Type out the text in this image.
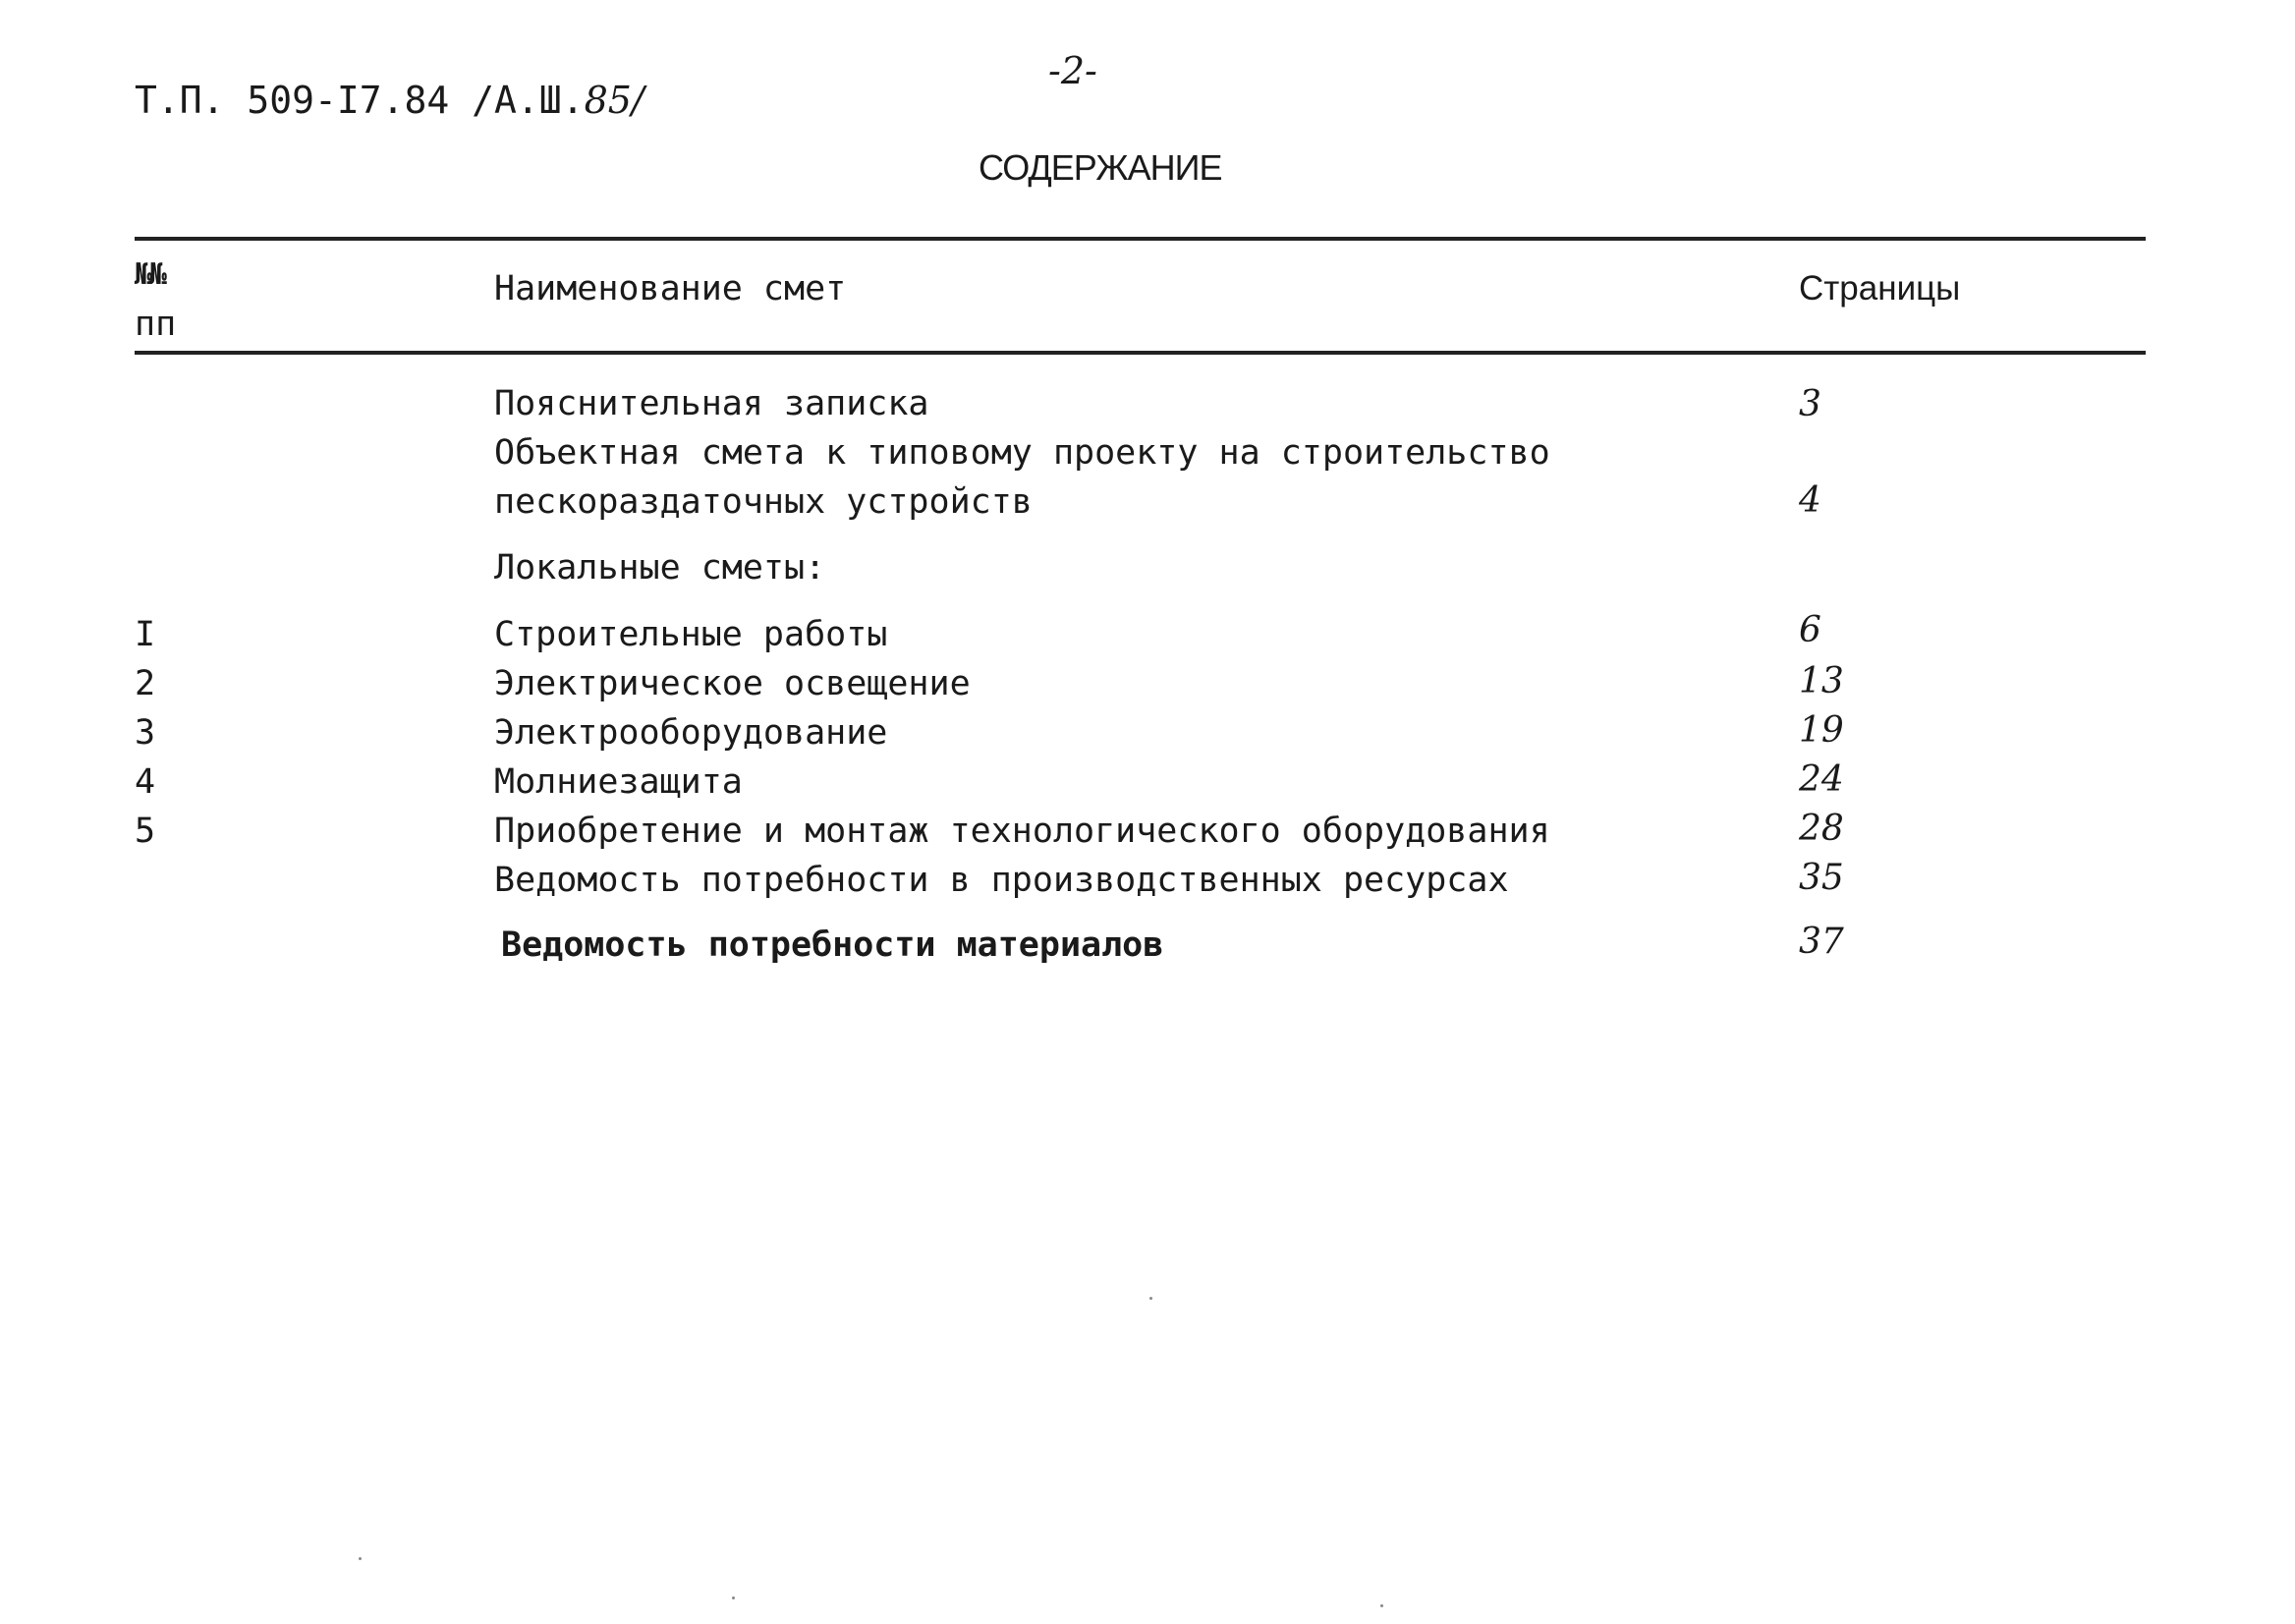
Т.П. 509-I7.84 /А.Ш.85/
-2-
СОДЕРЖАНИЕ
№№
пп
Наименование смет	Страницы
Пояснительная записка	3
Объектная смета к типовому проекту на строительство
пескораздаточных устройств	4
Локальные сметы:
I	Строительные работы	6
2	Электрическое освещение	13
3	Электрооборудование	19
4	Молниезащита	24
5	Приобретение и монтаж технологического оборудования	28
Ведомость потребности в производственных ресурсах	35
Ведомость потребности материалов	37
